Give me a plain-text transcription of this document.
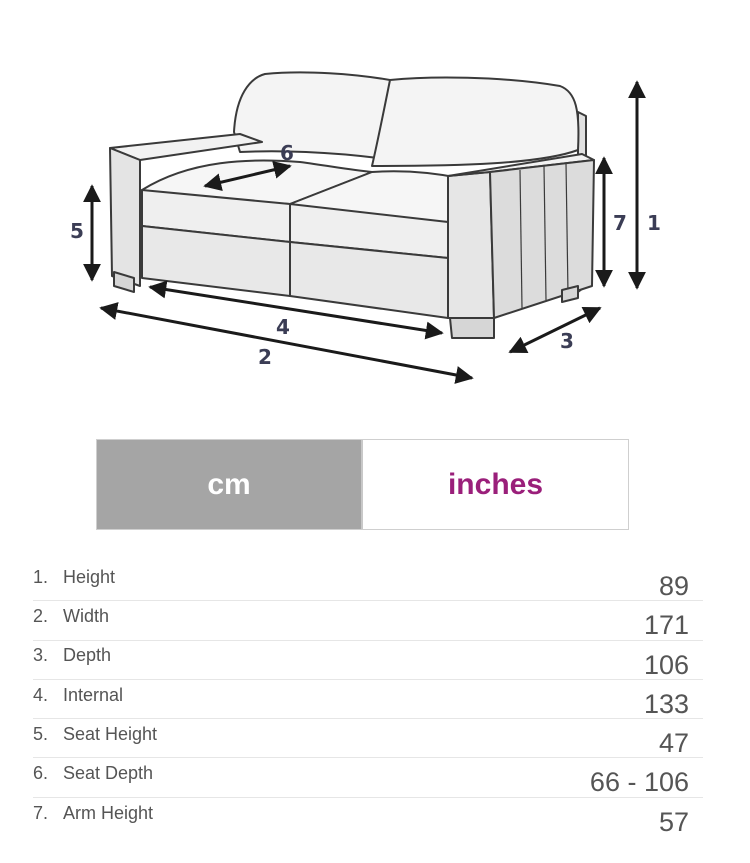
1
2
3
4
5
6
7
cm	inches
1. Height	89
2. Width	171
3. Depth	106
4. Internal	133
5. Seat Height	47
6. Seat Depth	66 - 106
7. Arm Height	57
